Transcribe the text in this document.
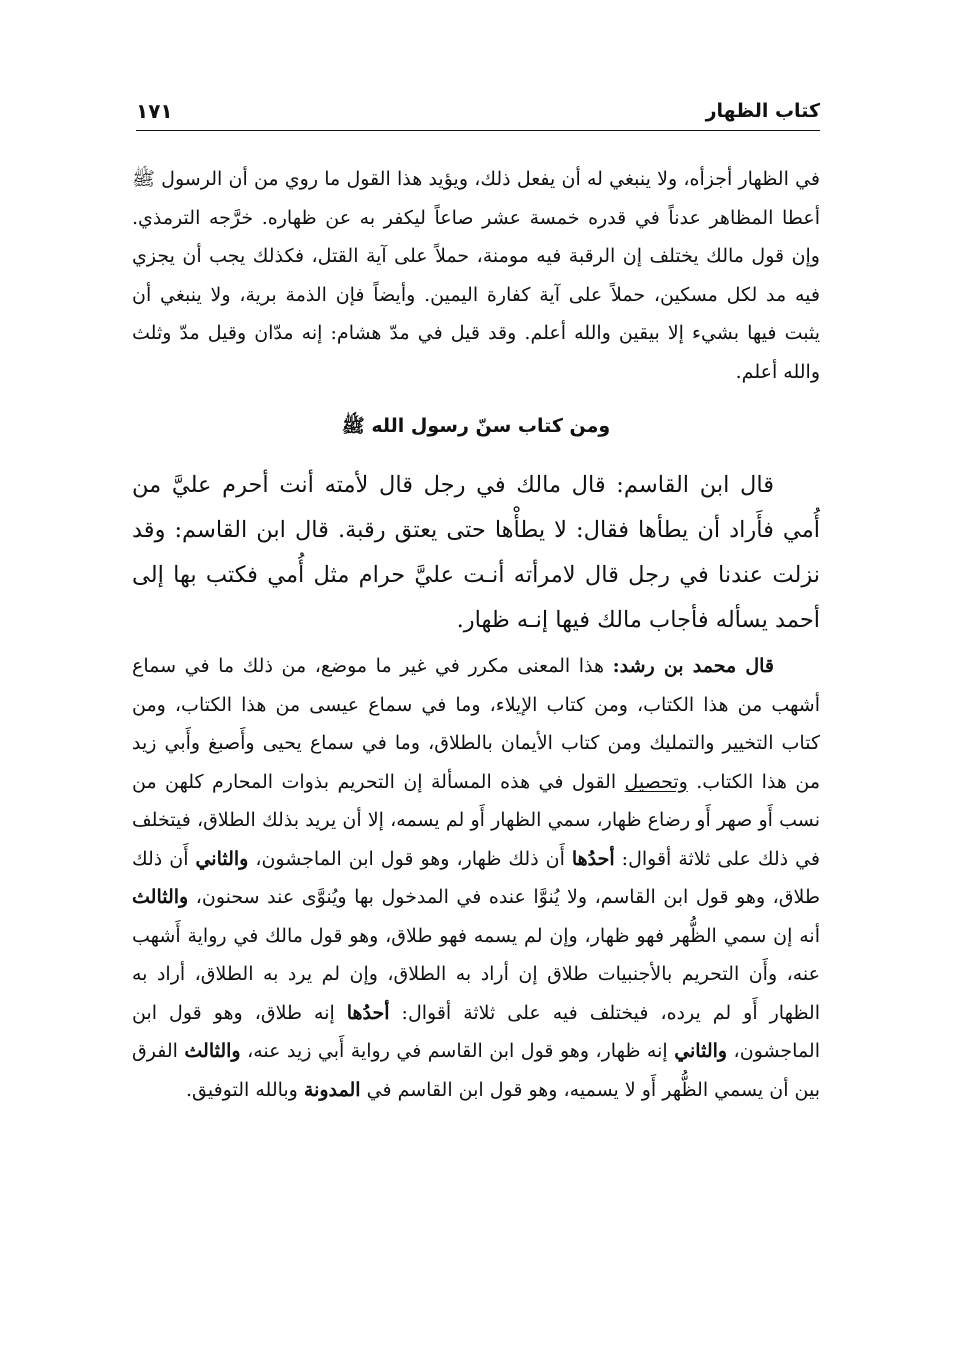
كتاب الظهار
١٧١

في الظهار أجزأه، ولا ينبغي له أن يفعل ذلك، ويؤيد هذا القول ما روي من أن الرسول ﷺ أعطا المظاهر عدناً في قدره خمسة عشر صاعاً ليكفر به عن ظهاره. خرَّجه الترمذي. وإن قول مالك يختلف إن الرقبة فيه مومنة، حملاً على آية القتل، فكذلك يجب أن يجزي فيه مد لكل مسكين، حملاً على آية كفارة اليمين. وأيضاً فإن الذمة برية، ولا ينبغي أن يثبت فيها بشيء إلا بيقين والله أعلم. وقد قيل في مدّ هشام: إنه مدّان وقيل مدّ وثلث والله أعلم.

ومن كتاب سنّ رسول الله ﷺ

قال ابن القاسم: قال مالك في رجل قال لأمته أنت أحرم عليَّ من أُمي فأَراد أن يطأها فقال: لا يطأْها حتى يعتق رقبة. قال ابن القاسم: وقد نزلت عندنا في رجل قال لامرأته أنـت عليَّ حرام مثل أُمي فكتب بها إلى أحمد يسأله فأجاب مالك فيها إنـه ظهار.

قال محمد بن رشد: هذا المعنى مكرر في غير ما موضع، من ذلك ما في سماع أشهب من هذا الكتاب، ومن كتاب الإيلاء، وما في سماع عيسى من هذا الكتاب، ومن كتاب التخيير والتمليك ومن كتاب الأيمان بالطلاق، وما في سماع يحيى وأَصبغ وأَبي زيد من هذا الكتاب. وتحصيل القول في هذه المسألة إن التحريم بذوات المحارم كلهن من نسب أَو صهر أَو رضاع ظهار، سمي الظهار أَو لم يسمه، إلا أن يريد بذلك الطلاق، فيتخلف في ذلك على ثلاثة أقوال: أحدُها أَن ذلك ظهار، وهو قول ابن الماجشون، والثاني أَن ذلك طلاق، وهو قول ابن القاسم، ولا يُنوَّا عنده في المدخول بها ويُنوَّى عند سحنون، والثالث أنه إن سمي الظُّهر فهو ظهار، وإن لم يسمه فهو طلاق، وهو قول مالك في رواية أَشهب عنه، وأَن التحريم بالأجنبيات طلاق إن أراد به الطلاق، وإن لم يرد به الطلاق، أراد به الظهار أَو لم يرده، فيختلف فيه على ثلاثة أقوال: أحدُها إنه طلاق، وهو قول ابن الماجشون، والثاني إنه ظهار، وهو قول ابن القاسم في رواية أَبي زيد عنه، والثالث الفرق بين أن يسمي الظُّهر أَو لا يسميه، وهو قول ابن القاسم في المدونة وبالله التوفيق.
